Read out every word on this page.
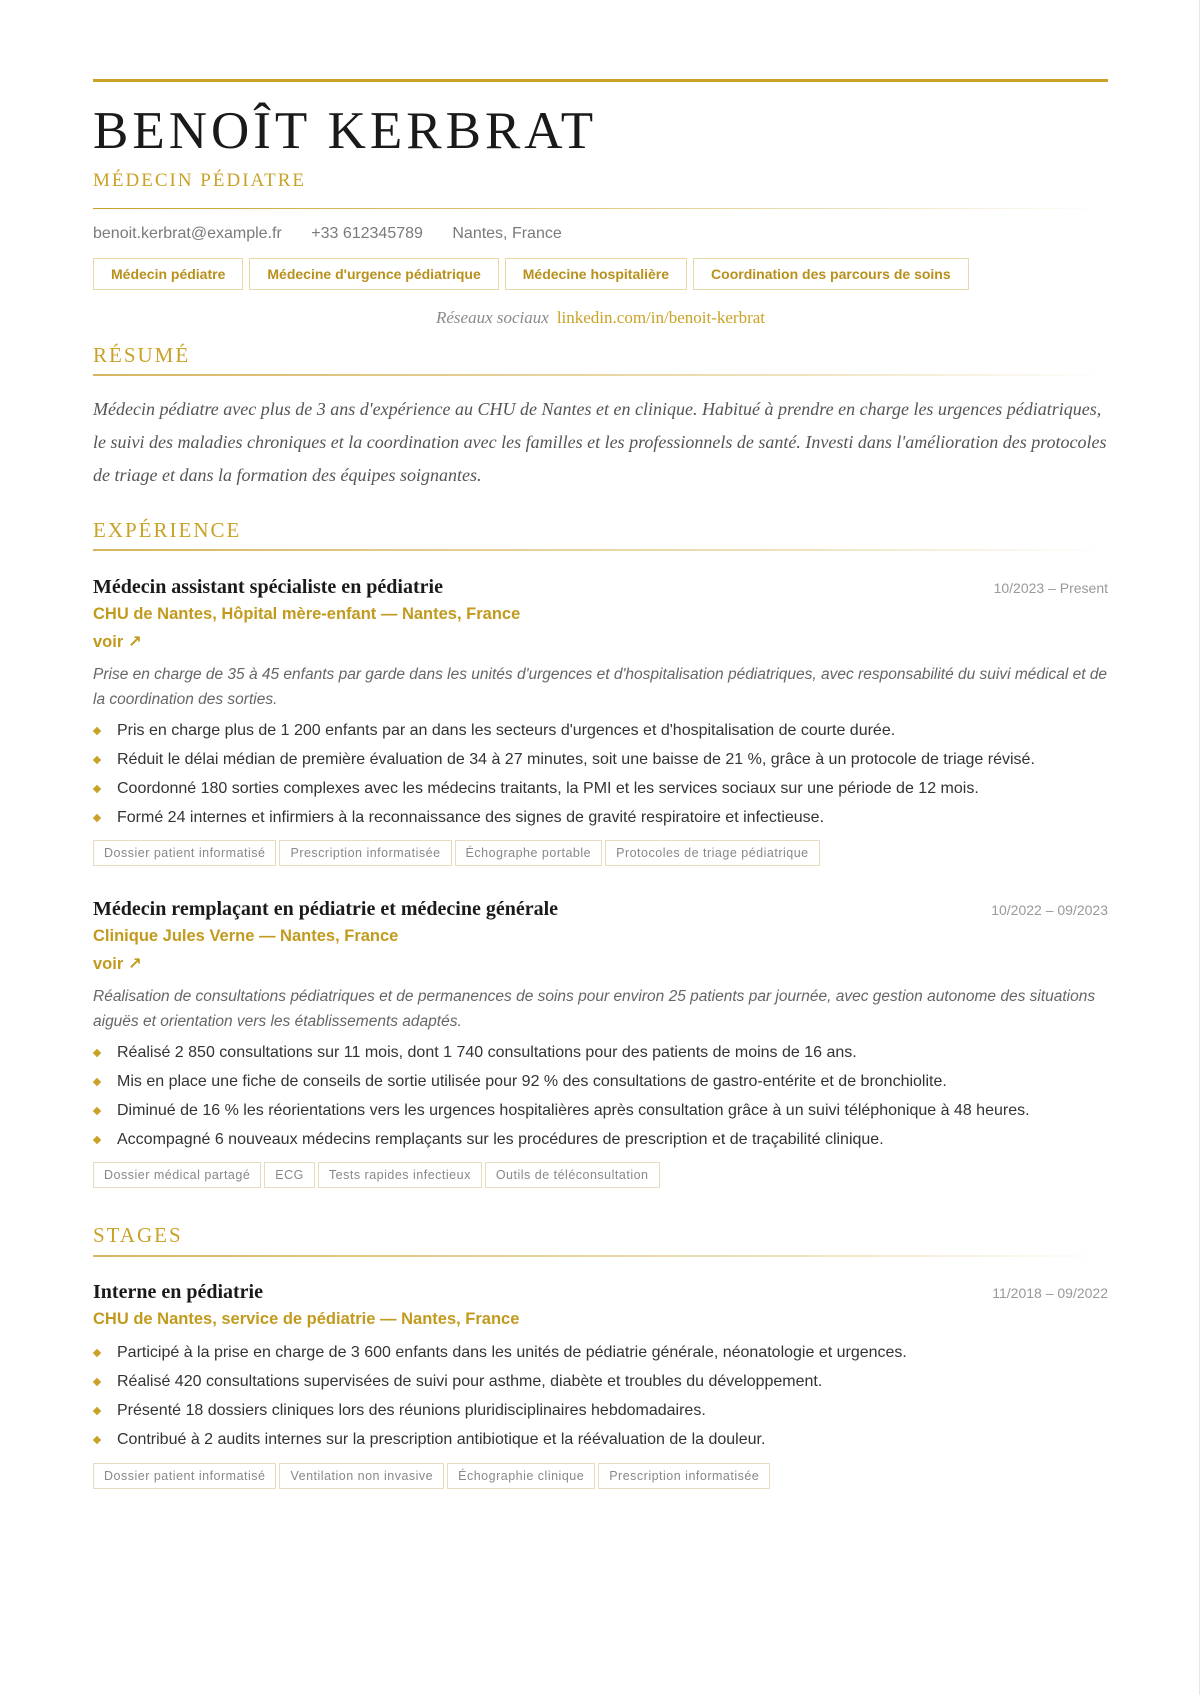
BENOÎT KERBRAT
MÉDECIN PÉDIATRE
benoit.kerbrat@example.fr +33 612345789 Nantes, France
Médecin pédiatre	Médecine d'urgence pédiatrique	Médecine hospitalière	Coordination des parcours de soins
Réseaux sociaux linkedin.com/in/benoit-kerbrat
RÉSUMÉ
Médecin pédiatre avec plus de 3 ans d'expérience au CHU de Nantes et en clinique. Habitué à prendre en charge les urgences pédiatriques, le suivi des maladies chroniques et la coordination avec les familles et les professionnels de santé. Investi dans l'amélioration des protocoles de triage et dans la formation des équipes soignantes.
EXPÉRIENCE
Médecin assistant spécialiste en pédiatrie	10/2023 – Present
CHU de Nantes, Hôpital mère-enfant — Nantes, France
voir ↗
Prise en charge de 35 à 45 enfants par garde dans les unités d'urgences et d'hospitalisation pédiatriques, avec responsabilité du suivi médical et de la coordination des sorties.
Pris en charge plus de 1 200 enfants par an dans les secteurs d'urgences et d'hospitalisation de courte durée.
Réduit le délai médian de première évaluation de 34 à 27 minutes, soit une baisse de 21 %, grâce à un protocole de triage révisé.
Coordonné 180 sorties complexes avec les médecins traitants, la PMI et les services sociaux sur une période de 12 mois.
Formé 24 internes et infirmiers à la reconnaissance des signes de gravité respiratoire et infectieuse.
Dossier patient informatisé Prescription informatisée Échographe portable Protocoles de triage pédiatrique
Médecin remplaçant en pédiatrie et médecine générale	10/2022 – 09/2023
Clinique Jules Verne — Nantes, France
voir ↗
Réalisation de consultations pédiatriques et de permanences de soins pour environ 25 patients par journée, avec gestion autonome des situations aiguës et orientation vers les établissements adaptés.
Réalisé 2 850 consultations sur 11 mois, dont 1 740 consultations pour des patients de moins de 16 ans.
Mis en place une fiche de conseils de sortie utilisée pour 92 % des consultations de gastro-entérite et de bronchiolite.
Diminué de 16 % les réorientations vers les urgences hospitalières après consultation grâce à un suivi téléphonique à 48 heures.
Accompagné 6 nouveaux médecins remplaçants sur les procédures de prescription et de traçabilité clinique.
Dossier médical partagé ECG Tests rapides infectieux Outils de téléconsultation
STAGES
Interne en pédiatrie	11/2018 – 09/2022
CHU de Nantes, service de pédiatrie — Nantes, France
Participé à la prise en charge de 3 600 enfants dans les unités de pédiatrie générale, néonatologie et urgences.
Réalisé 420 consultations supervisées de suivi pour asthme, diabète et troubles du développement.
Présenté 18 dossiers cliniques lors des réunions pluridisciplinaires hebdomadaires.
Contribué à 2 audits internes sur la prescription antibiotique et la réévaluation de la douleur.
Dossier patient informatisé Ventilation non invasive Échographie clinique Prescription informatisée
